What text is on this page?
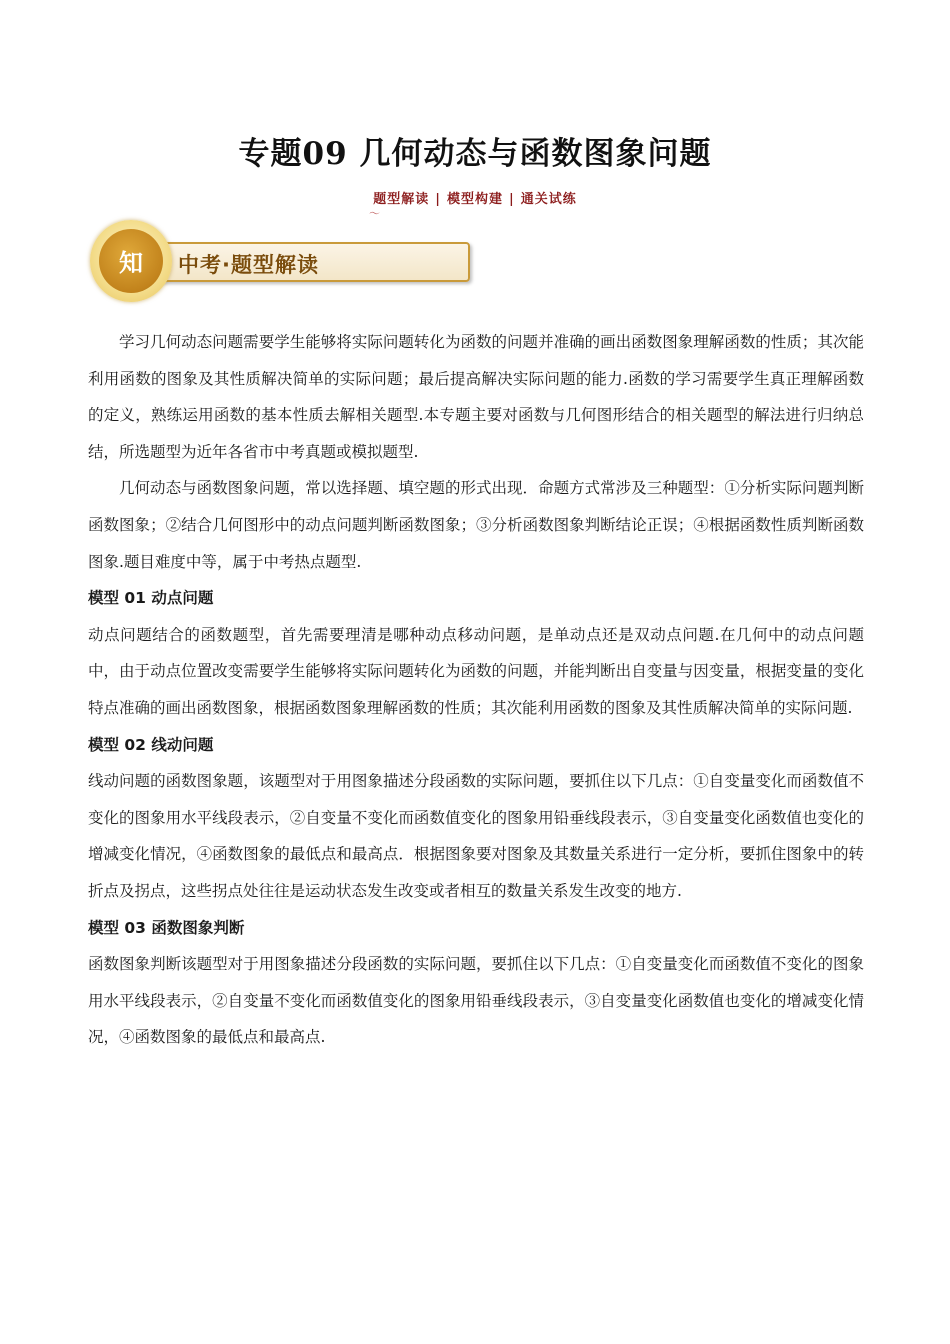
专题09 几何动态与函数图象问题
题型解读 | 模型构建 | 通关试练
〜
中考·题型解读
知

学习几何动态问题需要学生能够将实际问题转化为函数的问题并准确的画出函数图象理解函数的性质；其次能利用函数的图象及其性质解决简单的实际问题；最后提高解决实际问题的能力.函数的学习需要学生真正理解函数的定义，熟练运用函数的基本性质去解相关题型.本专题主要对函数与几何图形结合的相关题型的解法进行归纳总结，所选题型为近年各省市中考真题或模拟题型.

几何动态与函数图象问题，常以选择题、填空题的形式出现．命题方式常涉及三种题型：①分析实际问题判断函数图象；②结合几何图形中的动点问题判断函数图象；③分析函数图象判断结论正误；④根据函数性质判断函数图象.题目难度中等，属于中考热点题型.

模型 01 动点问题

动点问题结合的函数题型，首先需要理清是哪种动点移动问题，是单动点还是双动点问题.在几何中的动点问题中，由于动点位置改变需要学生能够将实际问题转化为函数的问题，并能判断出自变量与因变量，根据变量的变化特点准确的画出函数图象，根据函数图象理解函数的性质；其次能利用函数的图象及其性质解决简单的实际问题.

模型 02 线动问题

线动问题的函数图象题，该题型对于用图象描述分段函数的实际问题，要抓住以下几点：①自变量变化而函数值不变化的图象用水平线段表示，②自变量不变化而函数值变化的图象用铅垂线段表示，③自变量变化函数值也变化的增减变化情况，④函数图象的最低点和最高点．根据图象要对图象及其数量关系进行一定分析，要抓住图象中的转折点及拐点，这些拐点处往往是运动状态发生改变或者相互的数量关系发生改变的地方.

模型 03 函数图象判断

函数图象判断该题型对于用图象描述分段函数的实际问题，要抓住以下几点：①自变量变化而函数值不变化的图象用水平线段表示，②自变量不变化而函数值变化的图象用铅垂线段表示，③自变量变化函数值也变化的增减变化情况，④函数图象的最低点和最高点.
